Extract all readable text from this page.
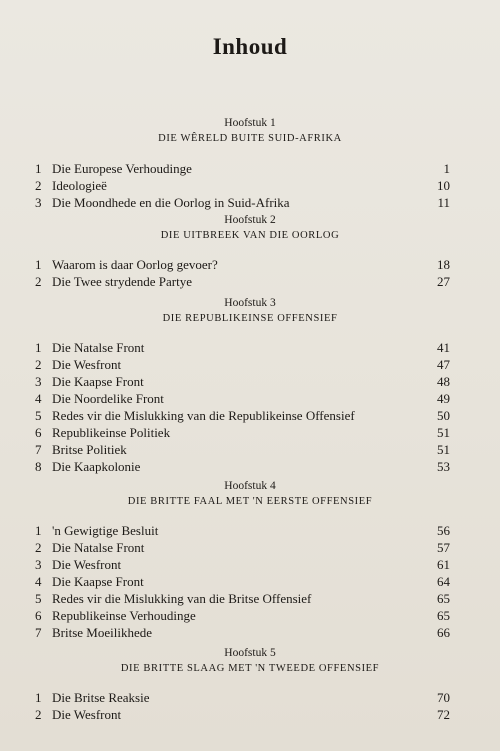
Inhoud
Hoofstuk 1
DIE WÊRELD BUITE SUID-AFRIKA
1 Die Europese Verhoudinge	1
2 Ideologieë	10
3 Die Moondhede en die Oorlog in Suid-Afrika	11
Hoofstuk 2
DIE UITBREEK VAN DIE OORLOG
1 Waarom is daar Oorlog gevoer?	18
2 Die Twee strydende Partye	27
Hoofstuk 3
DIE REPUBLIKEINSE OFFENSIEF
1 Die Natalse Front	41
2 Die Wesfront	47
3 Die Kaapse Front	48
4 Die Noordelike Front	49
5 Redes vir die Mislukking van die Republikeinse Offensief	50
6 Republikeinse Politiek	51
7 Britse Politiek	51
8 Die Kaapkolonie	53
Hoofstuk 4
DIE BRITTE FAAL MET 'N EERSTE OFFENSIEF
1 'n Gewigtige Besluit	56
2 Die Natalse Front	57
3 Die Wesfront	61
4 Die Kaapse Front	64
5 Redes vir die Mislukking van die Britse Offensief	65
6 Republikeinse Verhoudinge	65
7 Britse Moeilikhede	66
Hoofstuk 5
DIE BRITTE SLAAG MET 'N TWEEDE OFFENSIEF
1 Die Britse Reaksie	70
2 Die Wesfront	72
